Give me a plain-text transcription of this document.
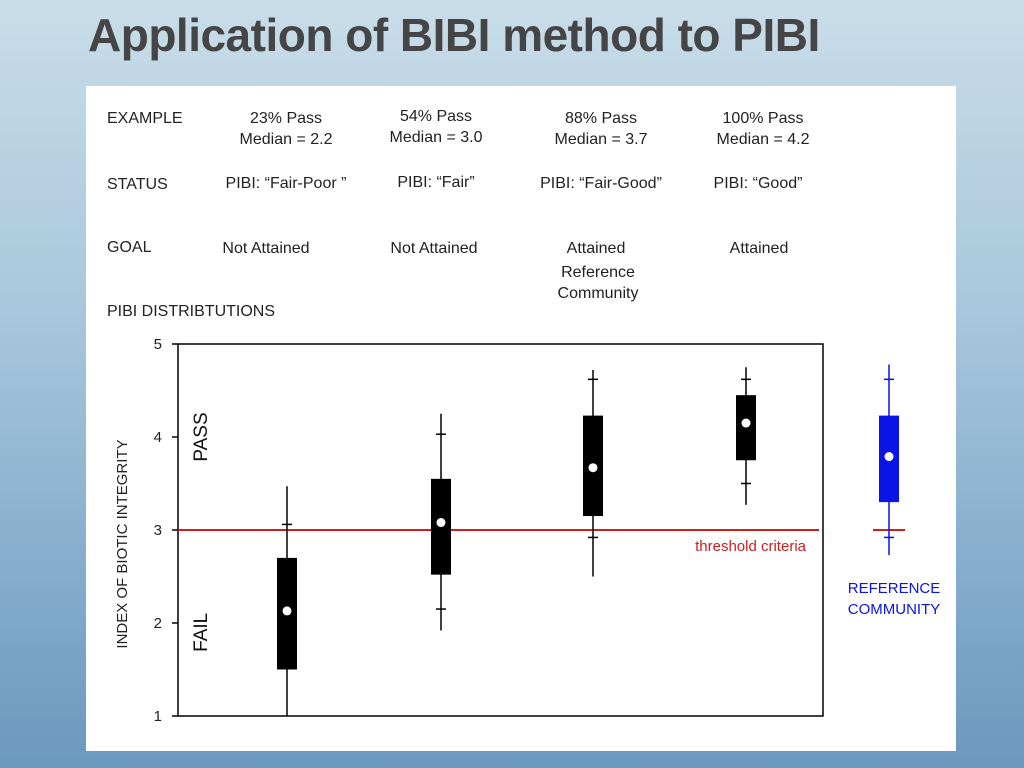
Application of BIBI method to PIBI
EXAMPLE
STATUS
GOAL
PIBI DISTRIBTUTIONS
23% Pass
Median = 2.2
PIBI: “Fair-Poor ”
Not Attained
54% Pass
Median = 3.0
PIBI: “Fair”
Not Attained
88% Pass
Median = 3.7
PIBI: “Fair-Good”
Attained
Reference Community
100% Pass
Median = 4.2
PIBI: “Good”
Attained
1
2
3
4
5
INDEX OF BIOTIC INTEGRITY
PASS
FAIL
threshold criteria
REFERENCE
COMMUNITY
